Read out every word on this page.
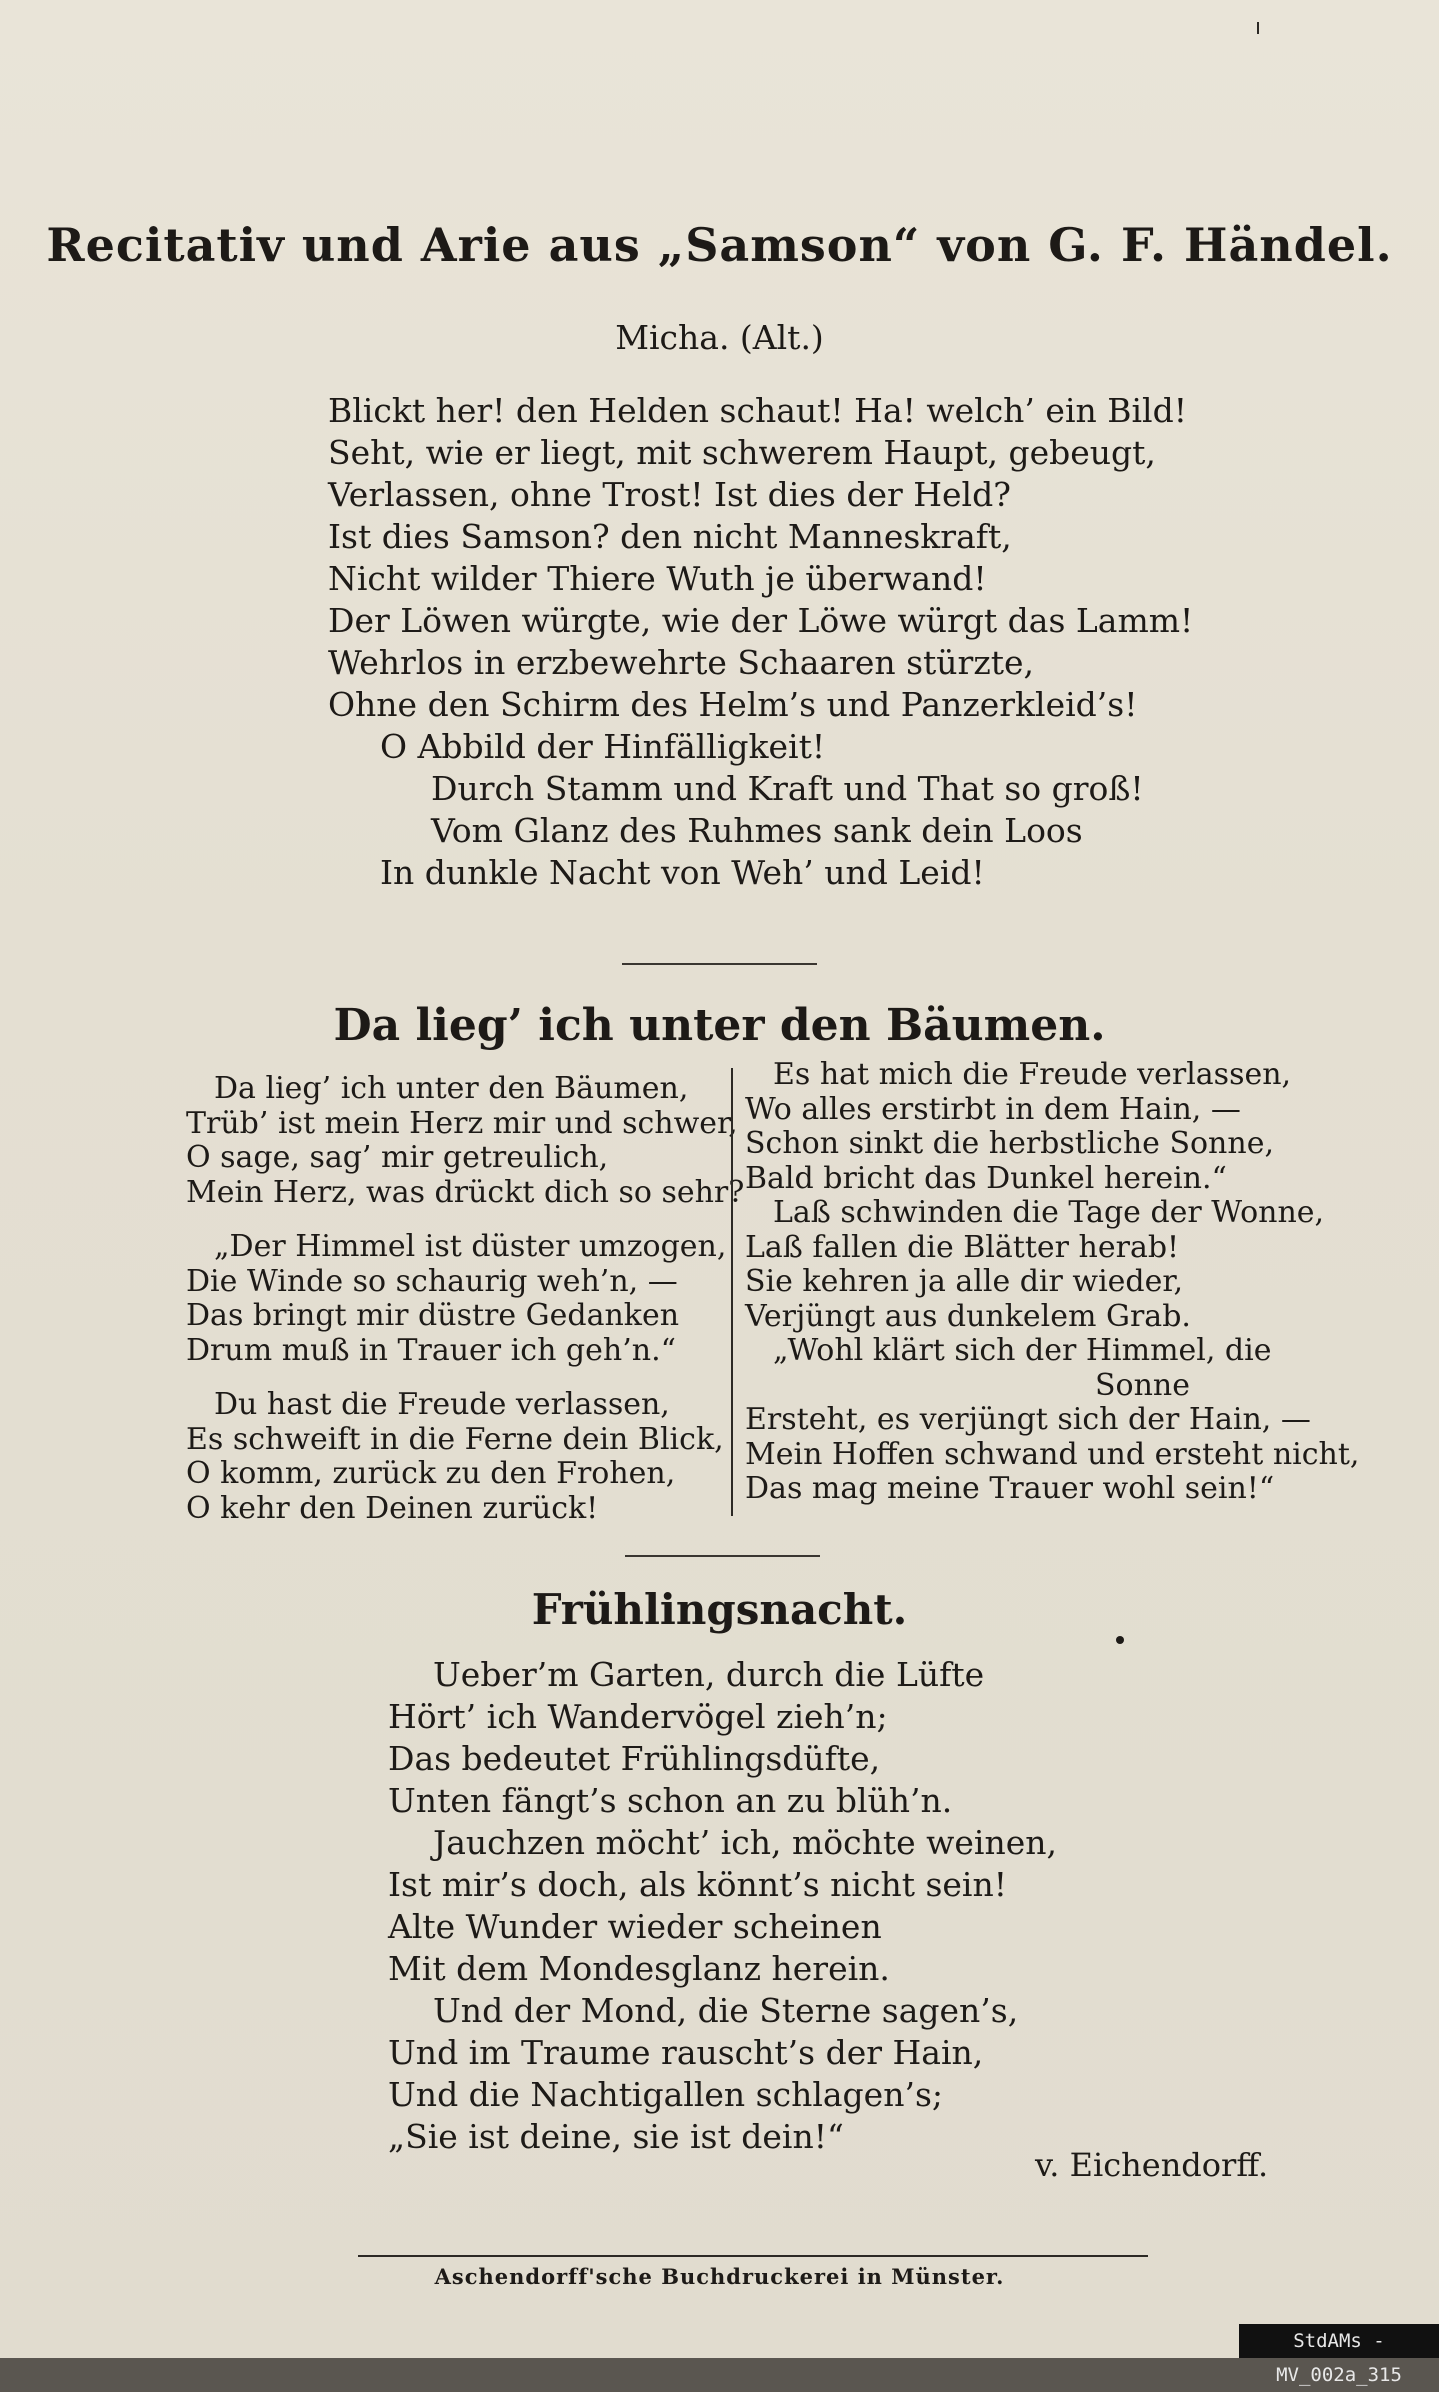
Recitativ und Arie aus „Samson“ von G. F. Händel.
Micha. (Alt.)
Blickt her! den Helden schaut! Ha! welch’ ein Bild!
Seht, wie er liegt, mit schwerem Haupt, gebeugt,
Verlassen, ohne Trost! Ist dies der Held?
Ist dies Samson? den nicht Manneskraft,
Nicht wilder Thiere Wuth je überwand!
Der Löwen würgte, wie der Löwe würgt das Lamm!
Wehrlos in erzbewehrte Schaaren stürzte,
Ohne den Schirm des Helm’s und Panzerkleid’s!
O Abbild der Hinfälligkeit!
Durch Stamm und Kraft und That so groß!
Vom Glanz des Ruhmes sank dein Loos
In dunkle Nacht von Weh’ und Leid!
Da lieg’ ich unter den Bäumen.
Da lieg’ ich unter den Bäumen,
Trüb’ ist mein Herz mir und schwer,
O sage, sag’ mir getreulich,
Mein Herz, was drückt dich so sehr?
„Der Himmel ist düster umzogen,
Die Winde so schaurig weh’n, —
Das bringt mir düstre Gedanken
Drum muß in Trauer ich geh’n.“
Du hast die Freude verlassen,
Es schweift in die Ferne dein Blick,
O komm, zurück zu den Frohen,
O kehr den Deinen zurück!
Es hat mich die Freude verlassen,
Wo alles erstirbt in dem Hain, —
Schon sinkt die herbstliche Sonne,
Bald bricht das Dunkel herein.“
Laß schwinden die Tage der Wonne,
Laß fallen die Blätter herab!
Sie kehren ja alle dir wieder,
Verjüngt aus dunkelem Grab.
„Wohl klärt sich der Himmel, die
Sonne
Ersteht, es verjüngt sich der Hain, —
Mein Hoffen schwand und ersteht nicht,
Das mag meine Trauer wohl sein!“
Frühlingsnacht.
Ueber’m Garten, durch die Lüfte
Hört’ ich Wandervögel zieh’n;
Das bedeutet Frühlingsdüfte,
Unten fängt’s schon an zu blüh’n.
Jauchzen möcht’ ich, möchte weinen,
Ist mir’s doch, als könnt’s nicht sein!
Alte Wunder wieder scheinen
Mit dem Mondesglanz herein.
Und der Mond, die Sterne sagen’s,
Und im Traume rauscht’s der Hain,
Und die Nachtigallen schlagen’s;
„Sie ist deine, sie ist dein!“
v. Eichendorff.
Aschendorff'sche Buchdruckerei in Münster.
StdAMs - MV_002a_315
